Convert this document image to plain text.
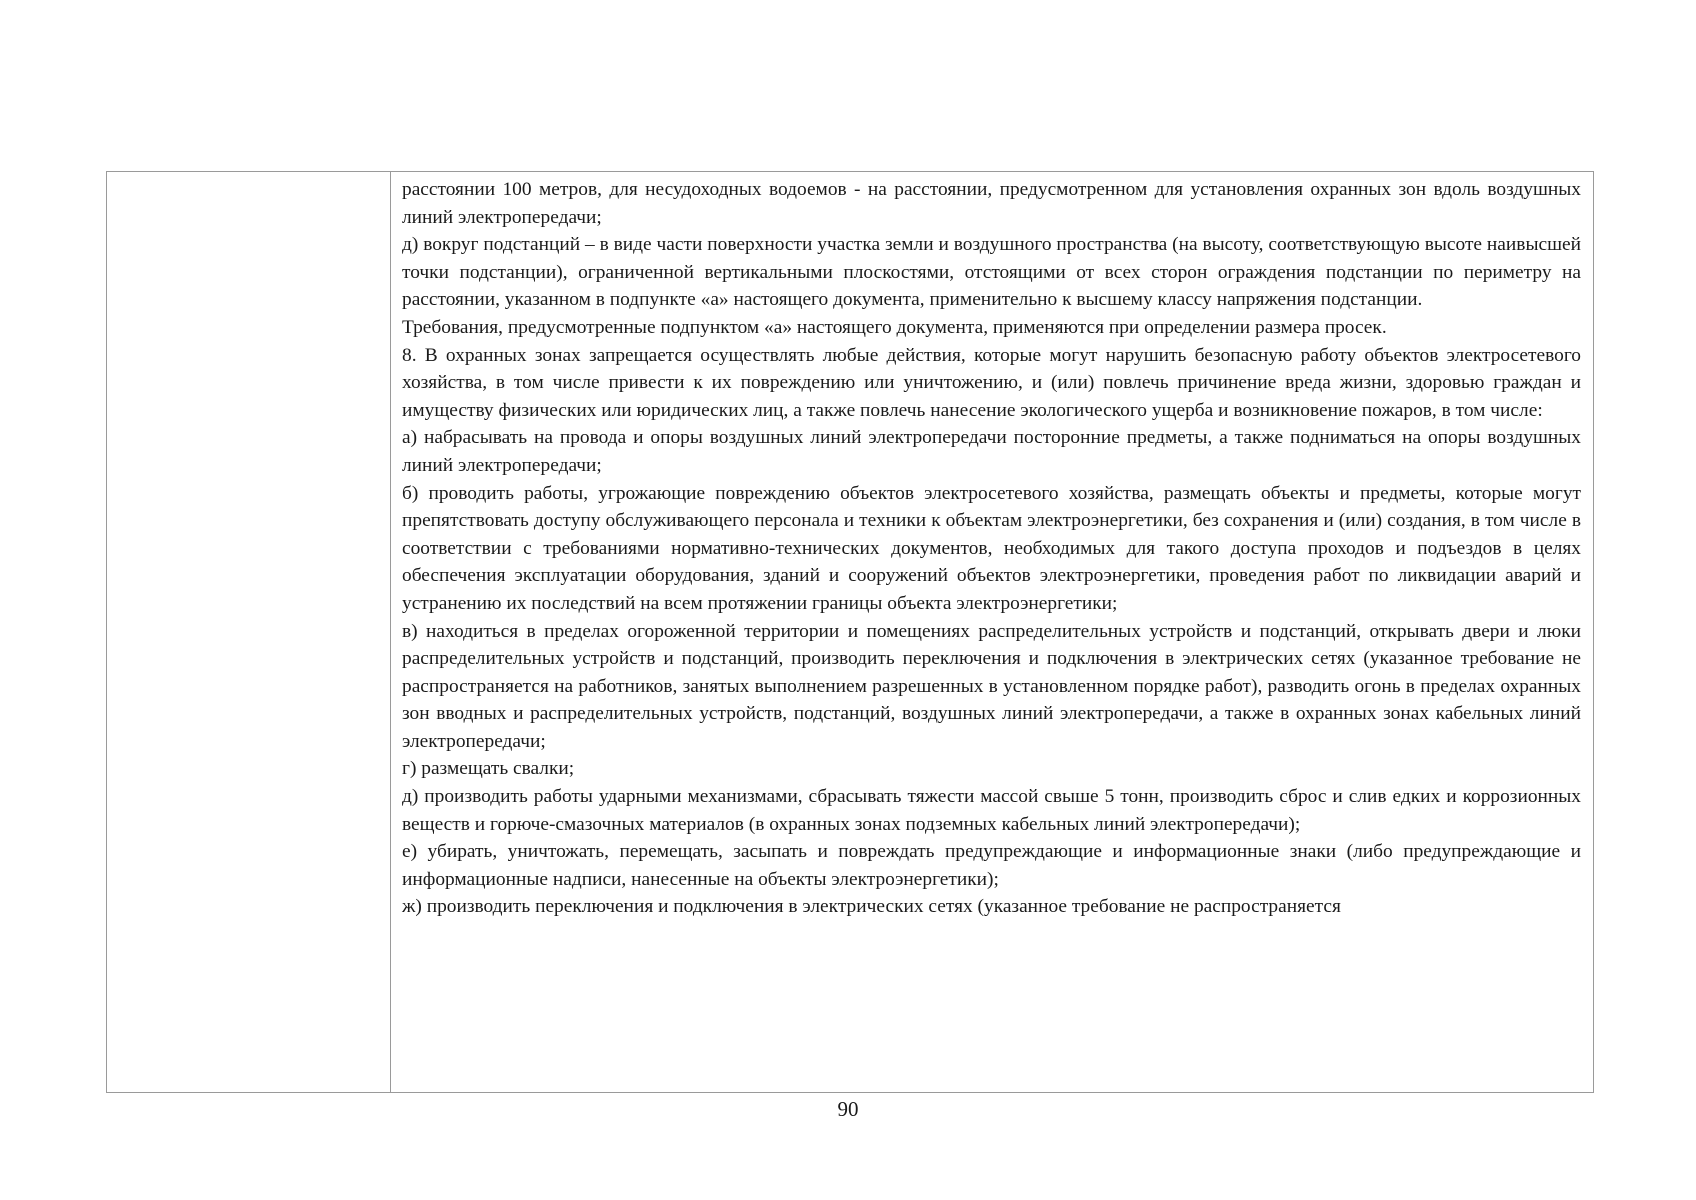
расстоянии 100 метров, для несудоходных водоемов - на расстоянии, предусмотренном для установления охранных зон вдоль воздушных линий электропередачи;

д) вокруг подстанций – в виде части поверхности участка земли и воздушного пространства (на высоту, соответствующую высоте наивысшей точки подстанции), ограниченной вертикальными плоскостями, отстоящими от всех сторон ограждения подстанции по периметру на расстоянии, указанном в подпункте «а» настоящего документа, применительно к высшему классу напряжения подстанции.

Требования, предусмотренные подпунктом «а» настоящего документа, применяются при определении размера просек.

8. В охранных зонах запрещается осуществлять любые действия, которые могут нарушить безопасную работу объектов электросетевого хозяйства, в том числе привести к их повреждению или уничтожению, и (или) повлечь причинение вреда жизни, здоровью граждан и имуществу физических или юридических лиц, а также повлечь нанесение экологического ущерба и возникновение пожаров, в том числе:

а) набрасывать на провода и опоры воздушных линий электропередачи посторонние предметы, а также подниматься на опоры воздушных линий электропередачи;

б) проводить работы, угрожающие повреждению объектов электросетевого хозяйства, размещать объекты и предметы, которые могут препятствовать доступу обслуживающего персонала и техники к объектам электроэнергетики, без сохранения и (или) создания, в том числе в соответствии с требованиями нормативно-технических документов, необходимых для такого доступа проходов и подъездов в целях обеспечения эксплуатации оборудования, зданий и сооружений объектов электроэнергетики, проведения работ по ликвидации аварий и устранению их последствий на всем протяжении границы объекта электроэнергетики;

в) находиться в пределах огороженной территории и помещениях распределительных устройств и подстанций, открывать двери и люки распределительных устройств и подстанций, производить переключения и подключения в электрических сетях (указанное требование не распространяется на работников, занятых выполнением разрешенных в установленном порядке работ), разводить огонь в пределах охранных зон вводных и распределительных устройств, подстанций, воздушных линий электропередачи, а также в охранных зонах кабельных линий электропередачи;

г) размещать свалки;

д) производить работы ударными механизмами, сбрасывать тяжести массой свыше 5 тонн, производить сброс и слив едких и коррозионных веществ и горюче-смазочных материалов (в охранных зонах подземных кабельных линий электропередачи);

е) убирать, уничтожать, перемещать, засыпать и повреждать предупреждающие и информационные знаки (либо предупреждающие и информационные надписи, нанесенные на объекты электроэнергетики);

ж) производить переключения и подключения в электрических сетях (указанное требование не распространяется

90
